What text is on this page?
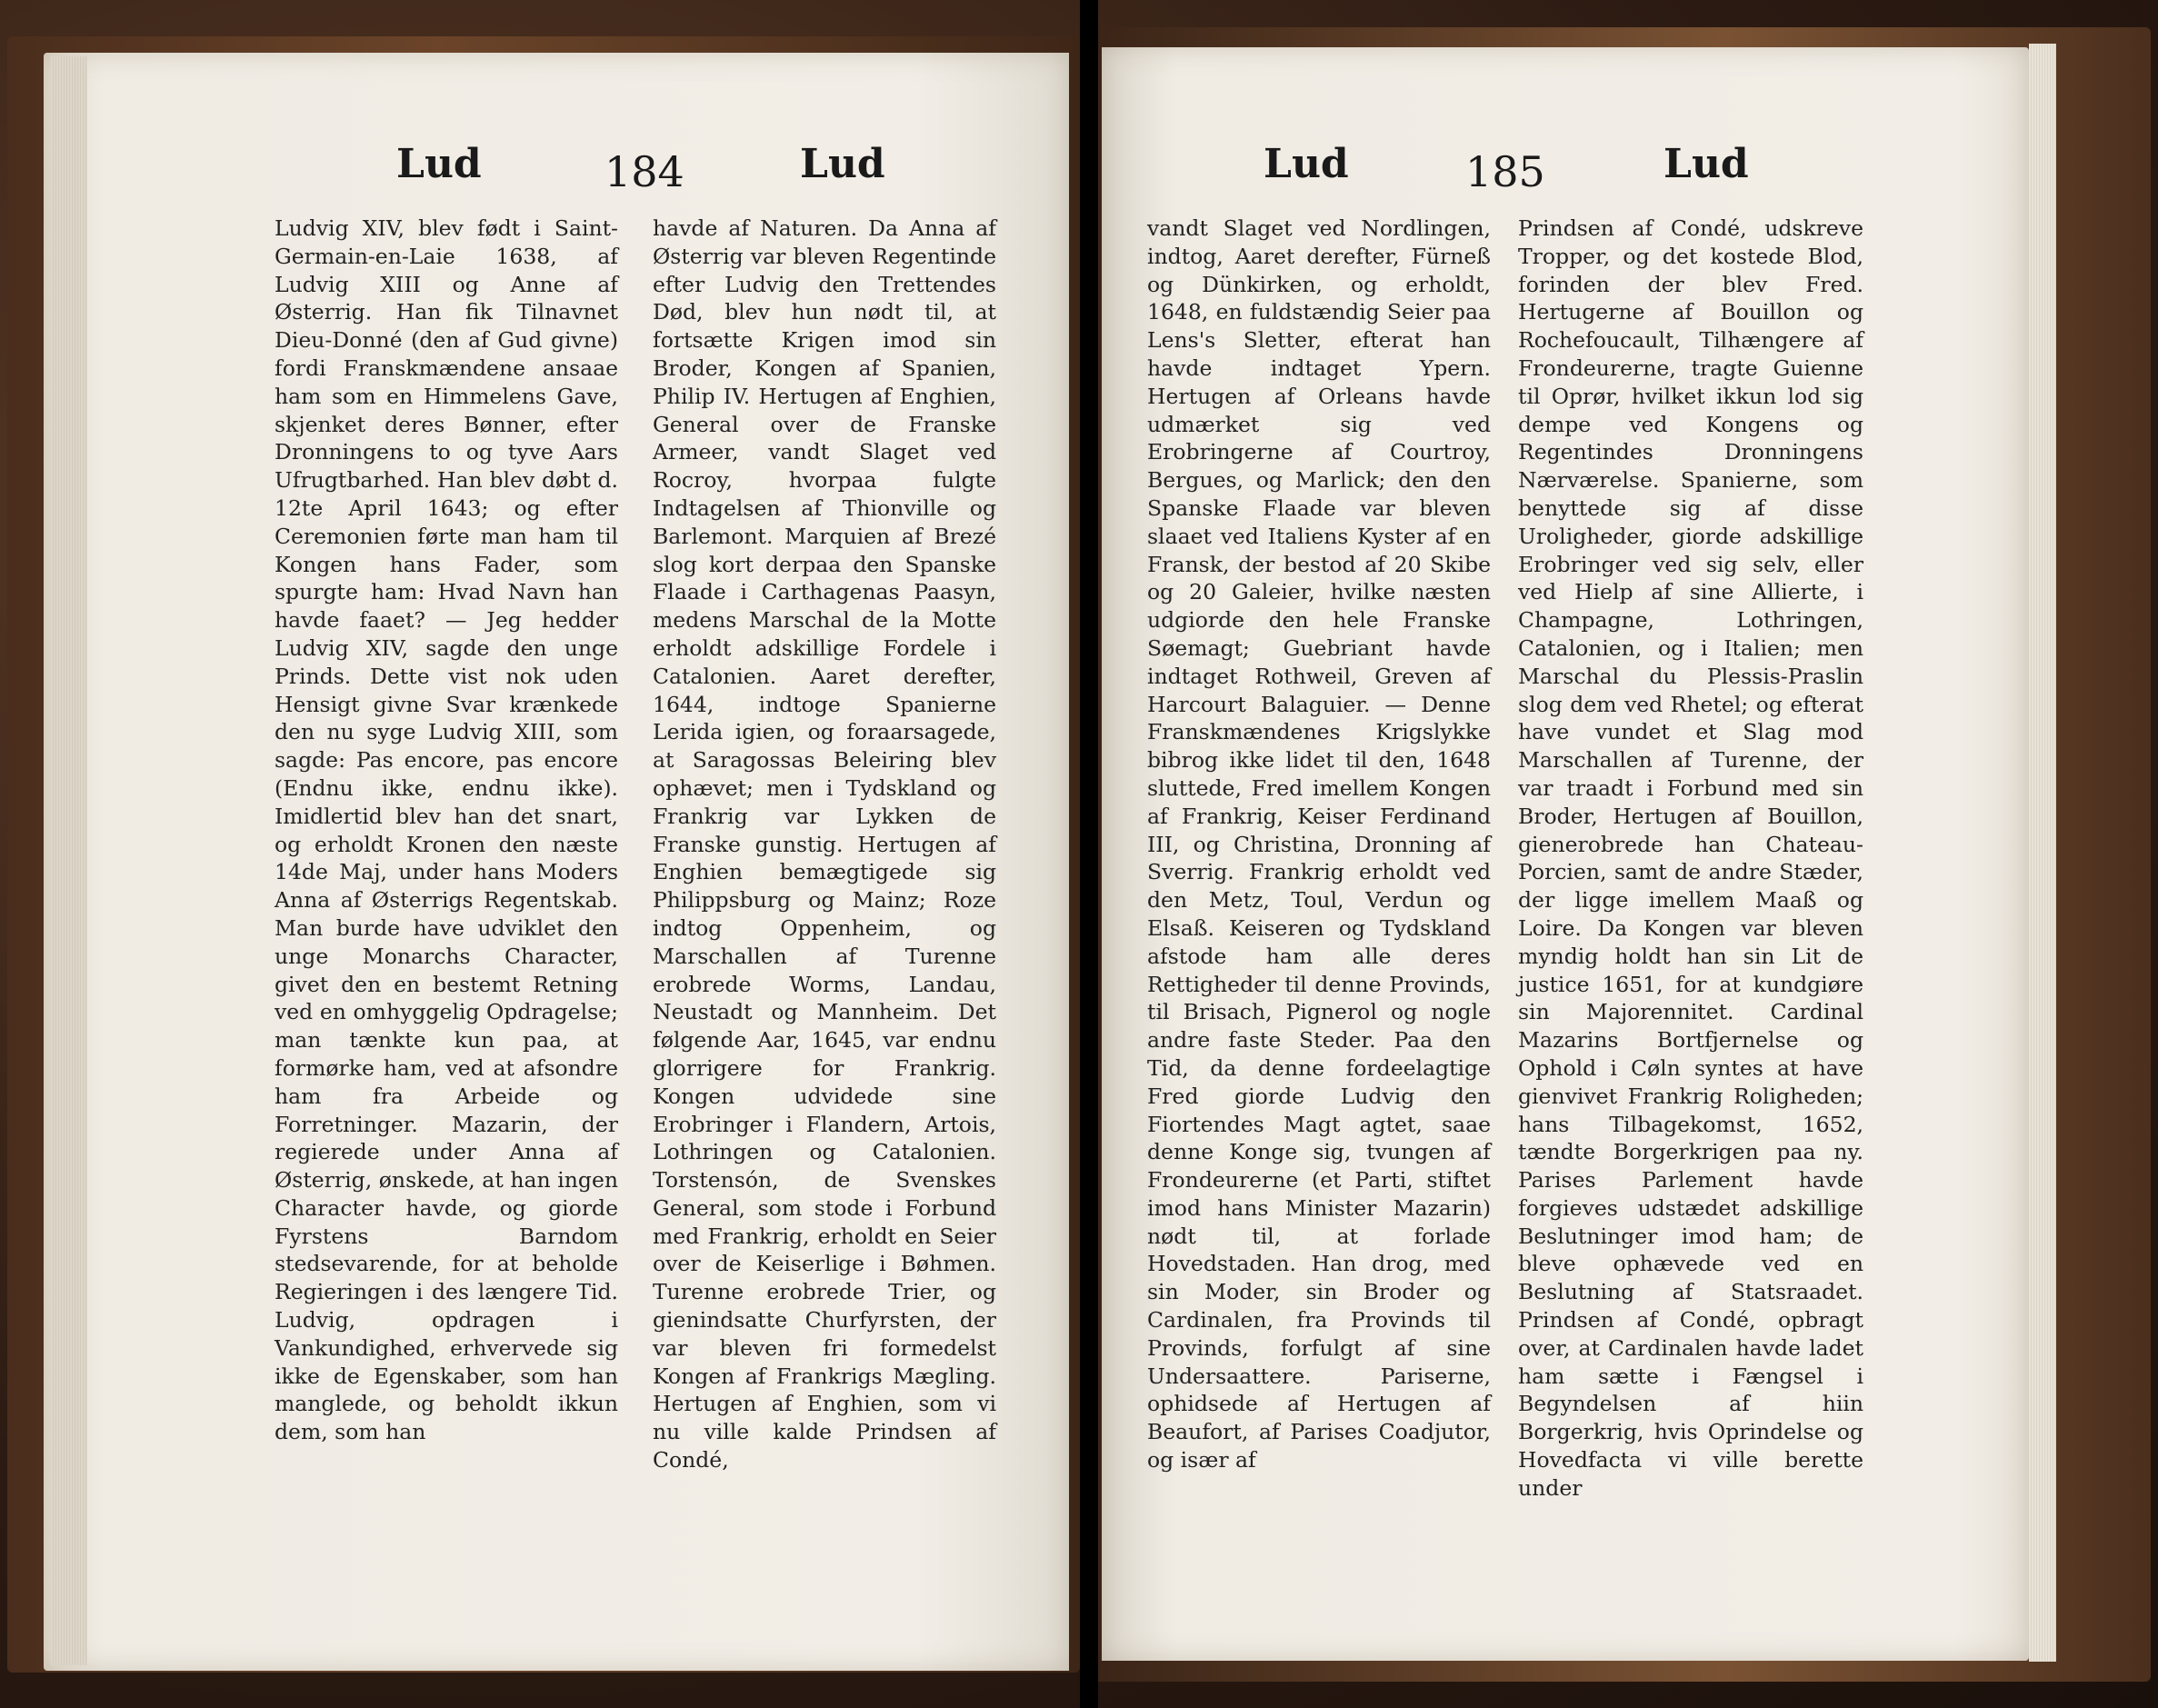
Lud	184	Lud

Ludvig XIV, blev født i Saint-Germain-en-Laie 1638, af Ludvig XIII og Anne af Østerrig. Han fik Tilnavnet Dieu-Donné (den af Gud givne) fordi Franskmændene ansaae ham som en Himmelens Gave, skjenket deres Bønner, efter Dronningens to og tyve Aars Ufrugtbarhed. Han blev døbt d. 12te April 1643; og efter Ceremonien førte man ham til Kongen hans Fader, som spurgte ham: Hvad Navn han havde faaet? — Jeg hedder Ludvig XIV, sagde den unge Prinds. Dette vist nok uden Hensigt givne Svar krænkede den nu syge Ludvig XIII, som sagde: Pas encore, pas encore (Endnu ikke, endnu ikke). Imidlertid blev han det snart, og erholdt Kronen den næste 14de Maj, under hans Moders Anna af Østerrigs Regentskab. Man burde have udviklet den unge Monarchs Character, givet den en bestemt Retning ved en omhyggelig Opdragelse; man tænkte kun paa, at formørke ham, ved at afsondre ham fra Arbeide og Forretninger. Mazarin, der regierede under Anna af Østerrig, ønskede, at han ingen Character havde, og giorde Fyrstens Barndom stedsevarende, for at beholde Regieringen i des længere Tid. Ludvig, opdragen i Vankundighed, erhvervede sig ikke de Egenskaber, som han manglede, og beholdt ikkun dem, som han

havde af Naturen. Da Anna af Østerrig var bleven Regentinde efter Ludvig den Trettendes Død, blev hun nødt til, at fortsætte Krigen imod sin Broder, Kongen af Spanien, Philip IV. Hertugen af Enghien, General over de Franske Armeer, vandt Slaget ved Rocroy, hvorpaa fulgte Indtagelsen af Thionville og Barlemont. Marquien af Brezé slog kort derpaa den Spanske Flaade i Carthagenas Paasyn, medens Marschal de la Motte erholdt adskillige Fordele i Catalonien. Aaret derefter, 1644, indtoge Spanierne Lerida igien, og foraarsagede, at Saragossas Beleiring blev ophævet; men i Tydskland og Frankrig var Lykken de Franske gunstig. Hertugen af Enghien bemægtigede sig Philippsburg og Mainz; Roze indtog Oppenheim, og Marschallen af Turenne erobrede Worms, Landau, Neustadt og Mannheim. Det følgende Aar, 1645, var endnu glorrigere for Frankrig. Kongen udvidede sine Erobringer i Flandern, Artois, Lothringen og Catalonien. Torstensón, de Svenskes General, som stode i Forbund med Frankrig, erholdt en Seier over de Keiserlige i Bøhmen. Turenne erobrede Trier, og gienindsatte Churfyrsten, der var bleven fri formedelst Kongen af Frankrigs Mægling. Hertugen af Enghien, som vi nu ville kalde Prindsen af Condé,

Lud	185	Lud

vandt Slaget ved Nordlingen, indtog, Aaret derefter, Fürneß og Dünkirken, og erholdt, 1648, en fuldstændig Seier paa Lens's Sletter, efterat han havde indtaget Ypern. Hertugen af Orleans havde udmærket sig ved Erobringerne af Courtroy, Bergues, og Marlick; den den Spanske Flaade var bleven slaaet ved Italiens Kyster af en Fransk, der bestod af 20 Skibe og 20 Galeier, hvilke næsten udgiorde den hele Franske Søemagt; Guebriant havde indtaget Rothweil, Greven af Harcourt Balaguier. — Denne Franskmændenes Krigslykke bibrog ikke lidet til den, 1648 sluttede, Fred imellem Kongen af Frankrig, Keiser Ferdinand III, og Christina, Dronning af Sverrig. Frankrig erholdt ved den Metz, Toul, Verdun og Elsaß. Keiseren og Tydskland afstode ham alle deres Rettigheder til denne Provinds, til Brisach, Pignerol og nogle andre faste Steder. Paa den Tid, da denne fordeelagtige Fred giorde Ludvig den Fiortendes Magt agtet, saae denne Konge sig, tvungen af Frondeurerne (et Parti, stiftet imod hans Minister Mazarin) nødt til, at forlade Hovedstaden. Han drog, med sin Moder, sin Broder og Cardinalen, fra Provinds til Provinds, forfulgt af sine Undersaattere. Pariserne, ophidsede af Hertugen af Beaufort, af Parises Coadjutor, og især af

Prindsen af Condé, udskreve Tropper, og det kostede Blod, forinden der blev Fred. Hertugerne af Bouillon og Rochefoucault, Tilhængere af Frondeurerne, tragte Guienne til Oprør, hvilket ikkun lod sig dempe ved Kongens og Regentindes Dronningens Nærværelse. Spanierne, som benyttede sig af disse Uroligheder, giorde adskillige Erobringer ved sig selv, eller ved Hielp af sine Allierte, i Champagne, Lothringen, Catalonien, og i Italien; men Marschal du Plessis-Praslin slog dem ved Rhetel; og efterat have vundet et Slag mod Marschallen af Turenne, der var traadt i Forbund med sin Broder, Hertugen af Bouillon, gienerobrede han Chateau-Porcien, samt de andre Stæder, der ligge imellem Maaß og Loire. Da Kongen var bleven myndig holdt han sin Lit de justice 1651, for at kundgiøre sin Majorennitet. Cardinal Mazarins Bortfjernelse og Ophold i Cøln syntes at have gienvivet Frankrig Roligheden; hans Tilbagekomst, 1652, tændte Borgerkrigen paa ny. Parises Parlement havde forgieves udstædet adskillige Beslutninger imod ham; de bleve ophævede ved en Beslutning af Statsraadet. Prindsen af Condé, opbragt over, at Cardinalen havde ladet ham sætte i Fængsel i Begyndelsen af hiin Borgerkrig, hvis Oprindelse og Hovedfacta vi ville berette under
